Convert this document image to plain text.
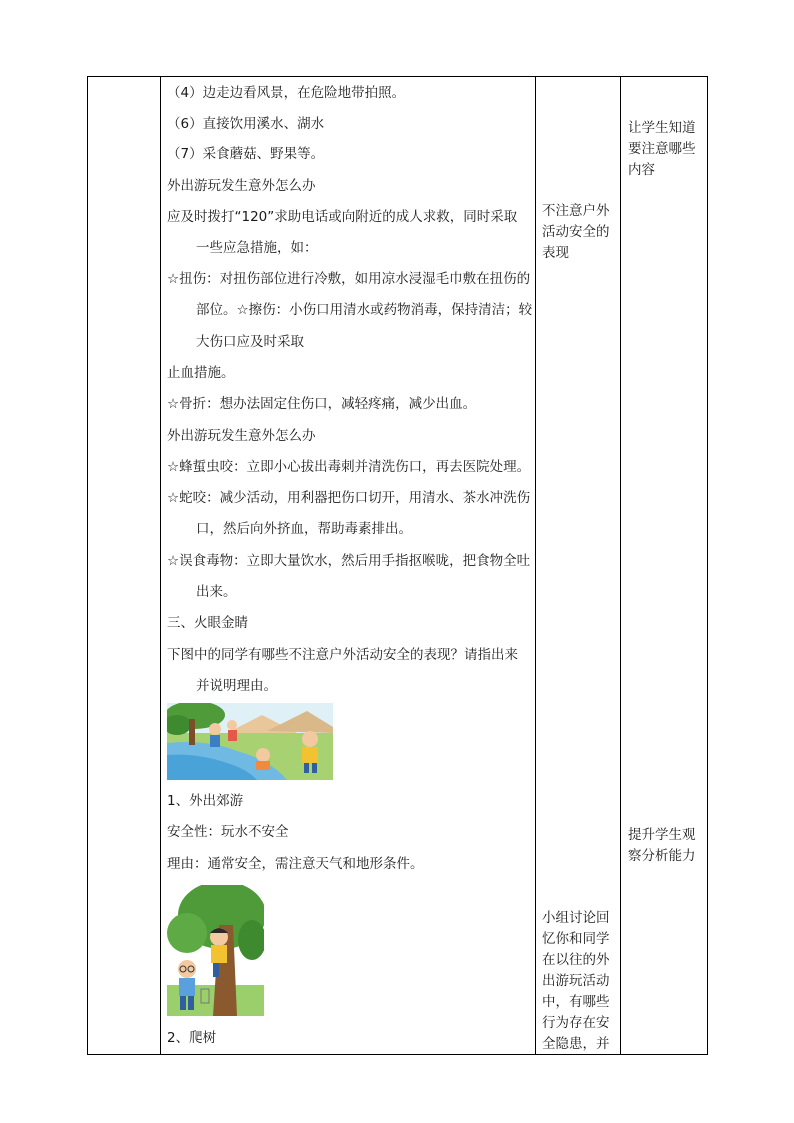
（4）边走边看风景，在危险地带拍照。
（6）直接饮用溪水、湖水
（7）采食蘑菇、野果等。
外出游玩发生意外怎么办
应及时拨打“120”求助电话或向附近的成人求救，同时采取
一些应急措施，如：
☆扭伤：对扭伤部位进行冷敷，如用凉水浸湿毛巾敷在扭伤的
部位。☆擦伤：小伤口用清水或药物消毒，保持清洁；较
大伤口应及时采取
止血措施。
☆骨折：想办法固定住伤口，减轻疼痛，减少出血。
外出游玩发生意外怎么办
☆蜂蜇虫咬：立即小心拔出毒刺并清洗伤口，再去医院处理。
☆蛇咬：减少活动，用利器把伤口切开，用清水、茶水冲洗伤
口，然后向外挤血，帮助毒素排出。
☆误食毒物：立即大量饮水，然后用手指抠喉咙，把食物全吐
出来。
三、火眼金睛
下图中的同学有哪些不注意户外活动安全的表现？请指出来
并说明理由。
1、外出郊游
安全性：玩水不安全
理由：通常安全，需注意天气和地形条件。
2、爬树
不注意户外活动安全的表现
小组讨论回忆你和同学在以往的外出游玩活动中，有哪些行为存在安全隐患，并
让学生知道要注意哪些内容
提升学生观察分析能力
